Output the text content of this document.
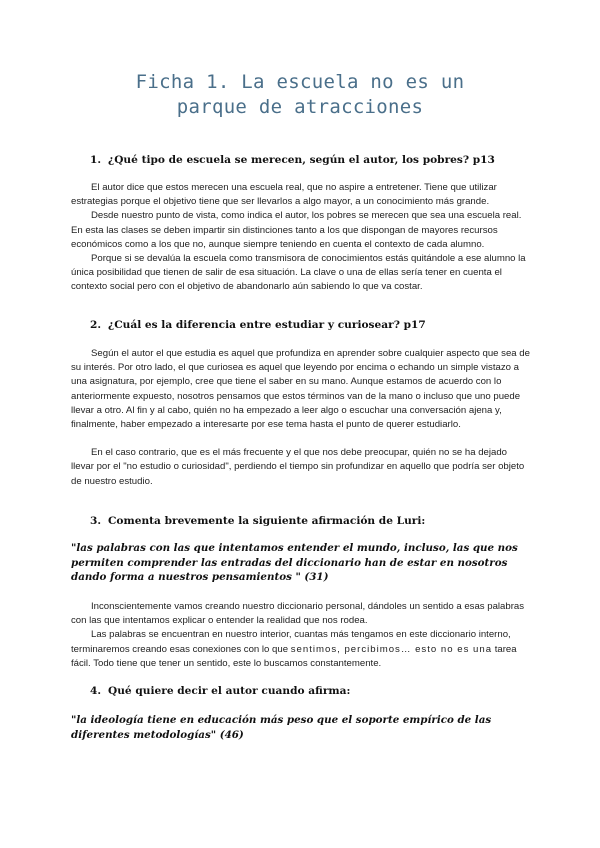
Ficha 1. La escuela no es un
parque de atracciones
1. ¿Qué tipo de escuela se merecen, según el autor, los pobres? p13

El autor dice que estos merecen una escuela real, que no aspire a entretener. Tiene que utilizar estrategias porque el objetivo tiene que ser llevarlos a algo mayor, a un conocimiento más grande.

Desde nuestro punto de vista, como indica el autor, los pobres se merecen que sea una escuela real. En esta las clases se deben impartir sin distinciones tanto a los que dispongan de mayores recursos económicos como a los que no, aunque siempre teniendo en cuenta el contexto de cada alumno.

Porque si se devalúa la escuela como transmisora de conocimientos estás quitándole a ese alumno la única posibilidad que tienen de salir de esa situación. La clave o una de ellas sería tener en cuenta el contexto social pero con el objetivo de abandonarlo aún sabiendo lo que va costar.

2. ¿Cuál es la diferencia entre estudiar y curiosear? p17

Según el autor el que estudia es aquel que profundiza en aprender sobre cualquier aspecto que sea de su interés. Por otro lado, el que curiosea es aquel que leyendo por encima o echando un simple vistazo a una asignatura, por ejemplo, cree que tiene el saber en su mano. Aunque estamos de acuerdo con lo anteriormente expuesto, nosotros pensamos que estos términos van de la mano o incluso que uno puede llevar a otro. Al fin y al cabo, quién no ha empezado a leer algo o escuchar una conversación ajena y, finalmente, haber empezado a interesarte por ese tema hasta el punto de querer estudiarlo.

En el caso contrario, que es el más frecuente y el que nos debe preocupar, quién no se ha dejado llevar por el "no estudio o curiosidad", perdiendo el tiempo sin profundizar en aquello que podría ser objeto de nuestro estudio.

3. Comenta brevemente la siguiente afirmación de Luri:
"las palabras con las que intentamos entender el mundo, incluso, las que nos permiten comprender las entradas del diccionario han de estar en nosotros dando forma a nuestros pensamientos " (31)

Inconscientemente vamos creando nuestro diccionario personal, dándoles un sentido a esas palabras con las que intentamos explicar o entender la realidad que nos rodea.

Las palabras se encuentran en nuestro interior, cuantas más tengamos en este diccionario interno, terminaremos creando esas conexiones con lo que sentimos, percibimos… esto no es una tarea fácil. Todo tiene que tener un sentido, este lo buscamos constantemente.

4. Qué quiere decir el autor cuando afirma:
"la ideología tiene en educación más peso que el soporte empírico de las diferentes metodologías" (46)
